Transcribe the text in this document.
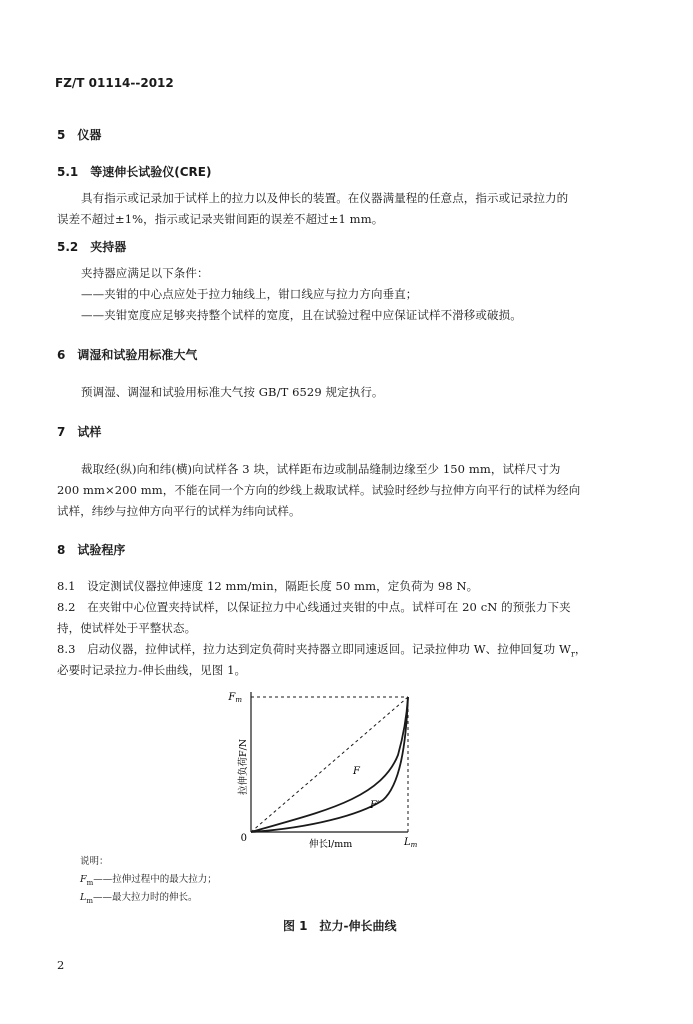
FZ/T 01114--2012
5　仪器
5.1　等速伸长试验仪(CRE)
具有指示或记录加于试样上的拉力以及伸长的装置。在仪器满量程的任意点，指示或记录拉力的
误差不超过±1%，指示或记录夹钳间距的误差不超过±1 mm。
5.2　夹持器
夹持器应满足以下条件：
——夹钳的中心点应处于拉力轴线上，钳口线应与拉力方向垂直；
——夹钳宽度应足够夹持整个试样的宽度，且在试验过程中应保证试样不滑移或破损。
6　调湿和试验用标准大气
预调湿、调湿和试验用标准大气按 GB/T 6529 规定执行。
7　试样
裁取经(纵)向和纬(横)向试样各 3 块，试样距布边或制品缝制边缘至少 150 mm，试样尺寸为
200 mm×200 mm，不能在同一个方向的纱线上裁取试样。试验时经纱与拉伸方向平行的试样为经向
试样，纬纱与拉伸方向平行的试样为纬向试样。
8　试验程序
8.1　设定测试仪器拉伸速度 12 mm/min，隔距长度 50 mm，定负荷为 98 N。
8.2　在夹钳中心位置夹持试样，以保证拉力中心线通过夹钳的中点。试样可在 20 cN 的预张力下夹
持，使试样处于平整状态。
8.3　启动仪器，拉伸试样，拉力达到定负荷时夹持器立即同速返回。记录拉伸功 W、拉伸回复功 $W_r$，
必要时记录拉力-伸长曲线，见图 1。
0
$F_m$
$L_m$
F
F′
拉伸负荷F/N
伸长l/mm
说明：
$F_m——$拉伸过程中的最大拉力；
$L_m——$最大拉力时的伸长。
图 1　拉力-伸长曲线
2
